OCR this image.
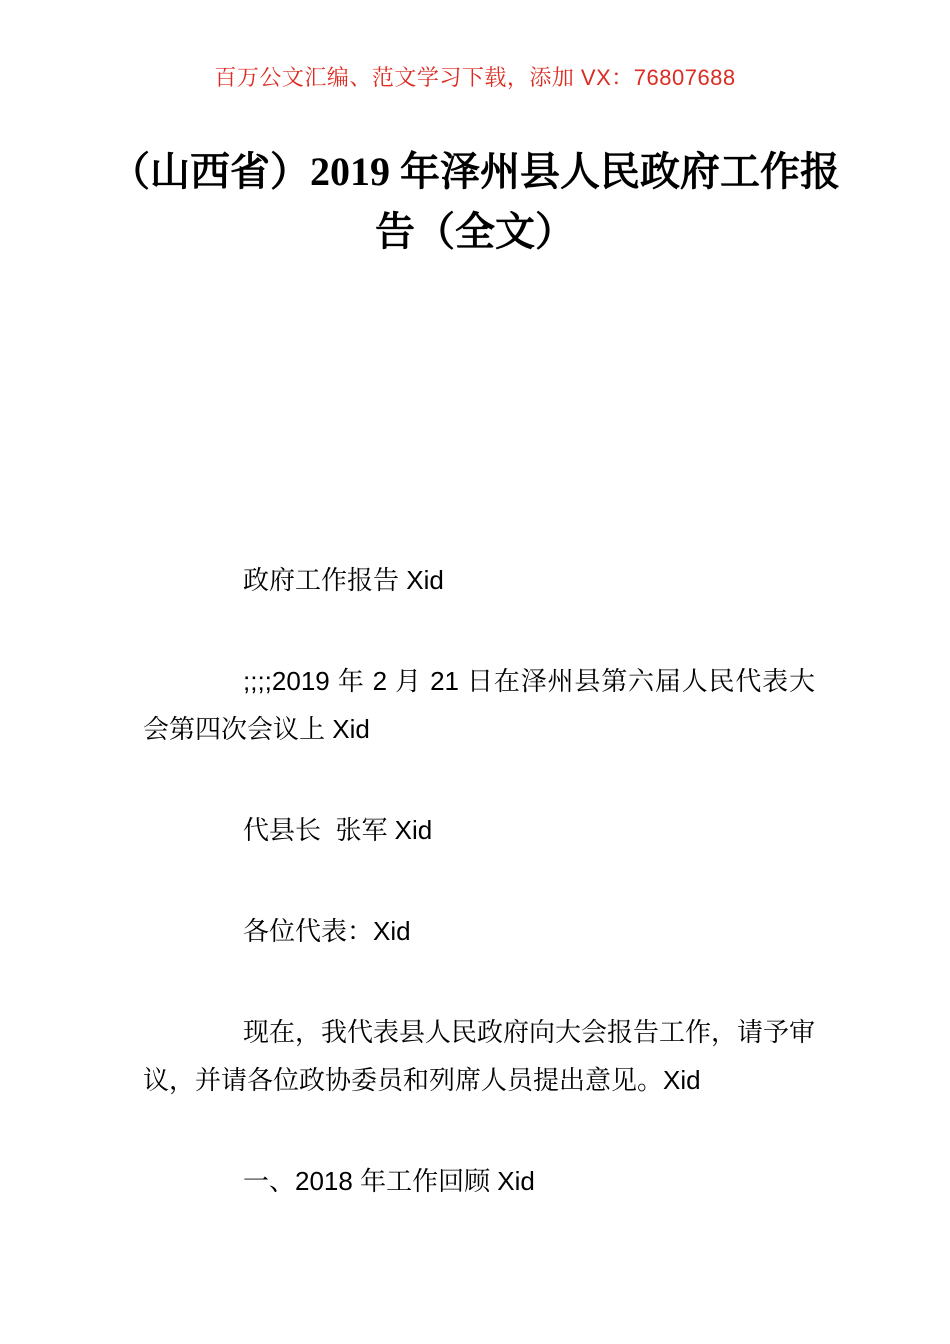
百万公文汇编、范文学习下载，添加 VX：76807688

（山西省）2019 年泽州县人民政府工作报
告（全文）

政府工作报告 Xid

;;;;2019 年 2 月 21 日在泽州县第六届人民代表大会第四次会议上 Xid

代县长  张军 Xid

各位代表：Xid

现在，我代表县人民政府向大会报告工作，请予审议，并请各位政协委员和列席人员提出意见。Xid

一、2018 年工作回顾 Xid
